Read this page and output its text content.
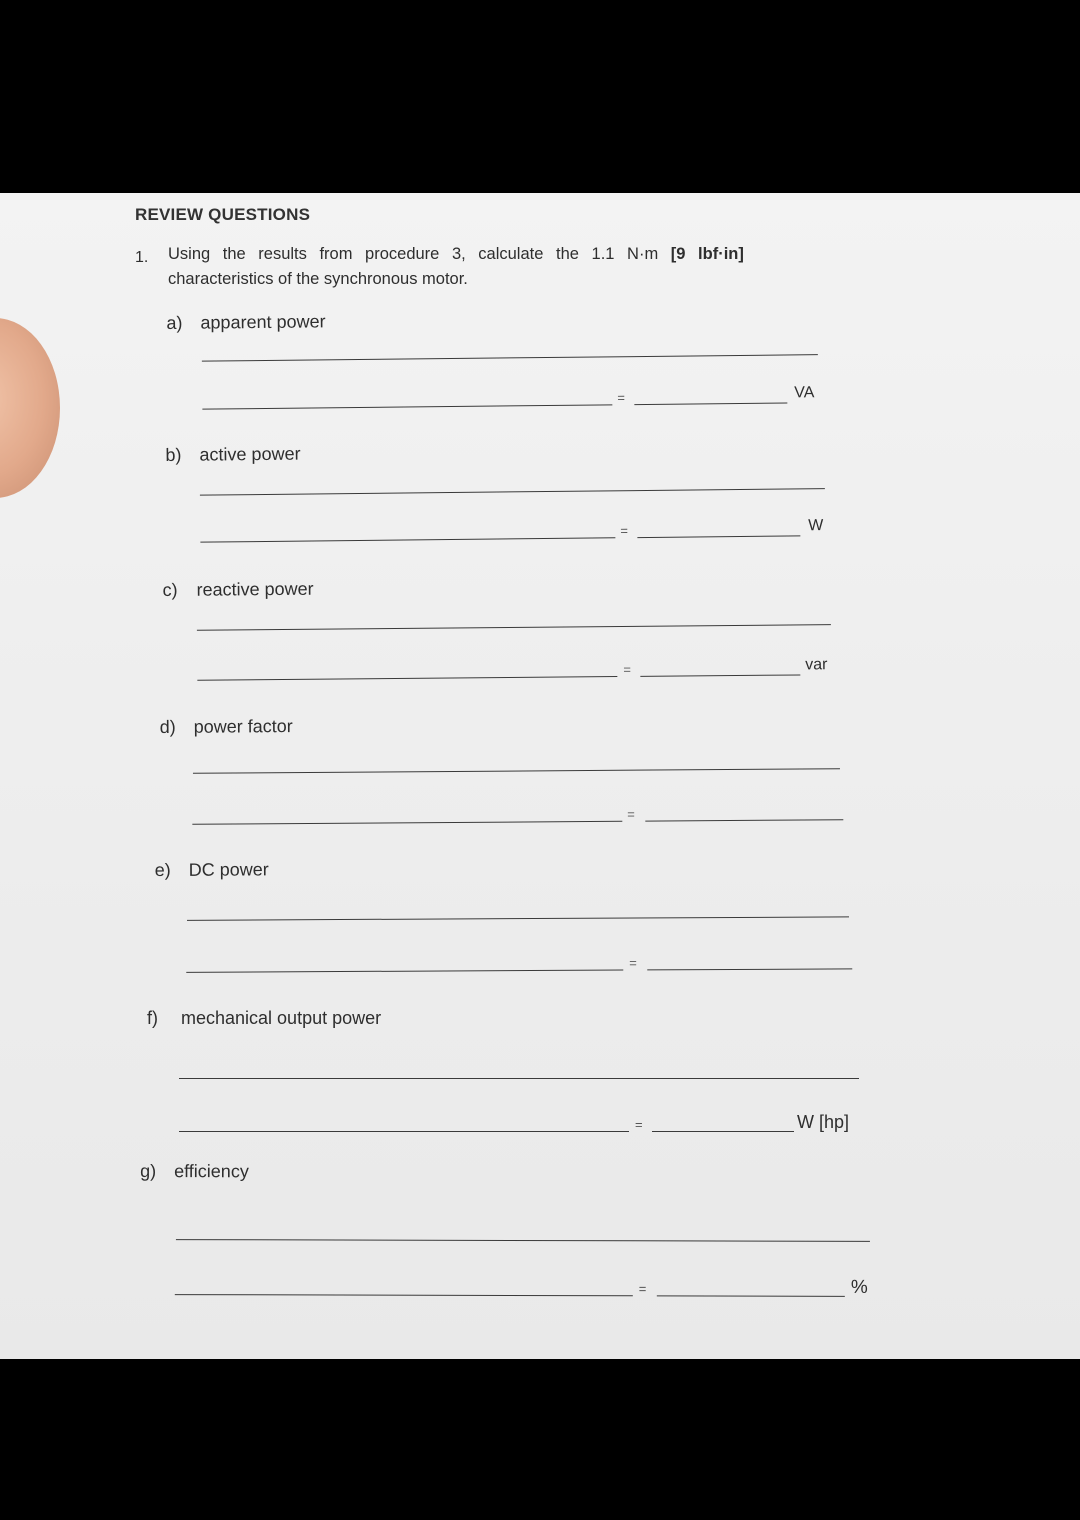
REVIEW QUESTIONS
1. Using the results from procedure 3, calculate the 1.1 N·m [9 lbf·in]
characteristics of the synchronous motor.
a) apparent power
=	VA
b) active power
=	W
c) reactive power
=	var
d) power factor
=
e) DC power
=
f) mechanical output power
=	W [hp]
g) efficiency
=	%
